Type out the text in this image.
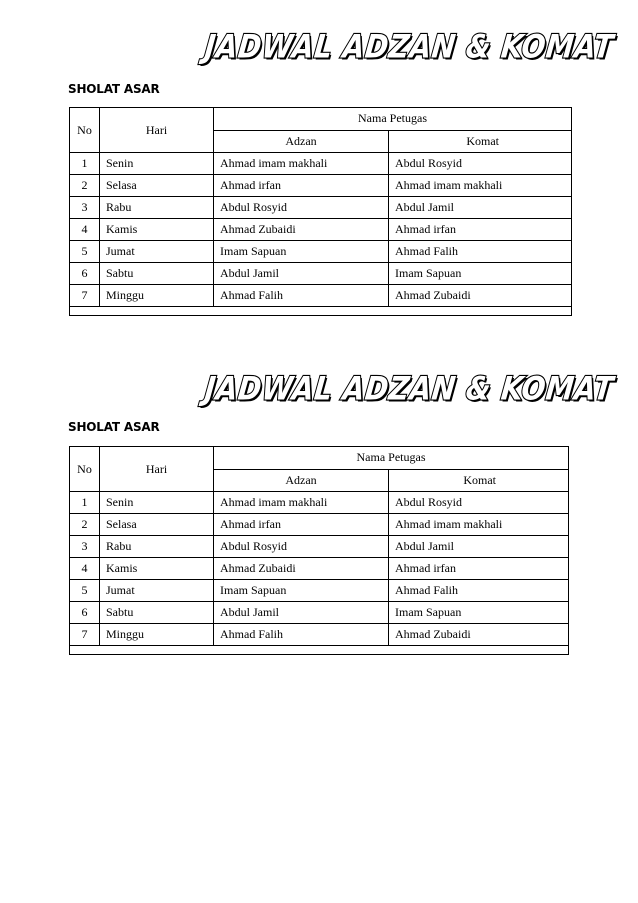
JADWAL ADZAN & KOMAT
SHOLAT ASAR
No	Hari	Nama Petugas	
		Adzan	Komat
1	Senin	Ahmad imam makhali	Abdul Rosyid
2	Selasa	Ahmad irfan	Ahmad imam makhali
3	Rabu	Abdul Rosyid	Abdul Jamil
4	Kamis	Ahmad Zubaidi	Ahmad irfan
5	Jumat	Imam Sapuan	Ahmad Falih
6	Sabtu	Abdul Jamil	Imam Sapuan
7	Minggu	Ahmad Falih	Ahmad Zubaidi

JADWAL ADZAN & KOMAT
SHOLAT ASAR
No	Hari	Nama Petugas	
		Adzan	Komat
1	Senin	Ahmad imam makhali	Abdul Rosyid
2	Selasa	Ahmad irfan	Ahmad imam makhali
3	Rabu	Abdul Rosyid	Abdul Jamil
4	Kamis	Ahmad Zubaidi	Ahmad irfan
5	Jumat	Imam Sapuan	Ahmad Falih
6	Sabtu	Abdul Jamil	Imam Sapuan
7	Minggu	Ahmad Falih	Ahmad Zubaidi
